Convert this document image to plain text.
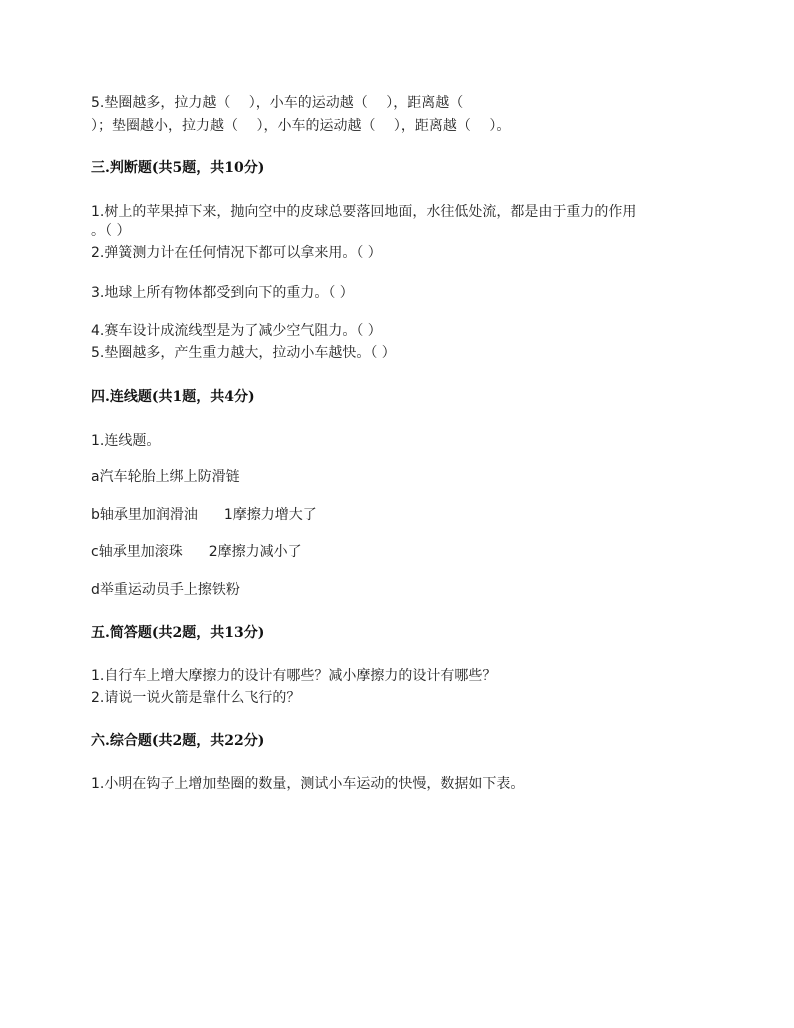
5.垫圈越多，拉力越（　 ），小车的运动越（　 ），距离越（
）；垫圈越小，拉力越（　 ），小车的运动越（　 ），距离越（　 ）。
三.判断题(共5题，共10分)
1.树上的苹果掉下来，抛向空中的皮球总要落回地面，水往低处流，都是由于重力的作用
。（ ）
2.弹簧测力计在任何情况下都可以拿来用。（ ）
3.地球上所有物体都受到向下的重力。（ ）
4.赛车设计成流线型是为了减少空气阻力。（ ）
5.垫圈越多，产生重力越大，拉动小车越快。（ ）
四.连线题(共1题，共4分)
1.连线题。
a汽车轮胎上绑上防滑链
b轴承里加润滑油 1摩擦力增大了
c轴承里加滚珠 2摩擦力减小了
d举重运动员手上擦铁粉
五.简答题(共2题，共13分)
1.自行车上增大摩擦力的设计有哪些？减小摩擦力的设计有哪些？
2.请说一说火箭是靠什么飞行的？
六.综合题(共2题，共22分)
1.小明在钩子上增加垫圈的数量，测试小车运动的快慢，数据如下表。
